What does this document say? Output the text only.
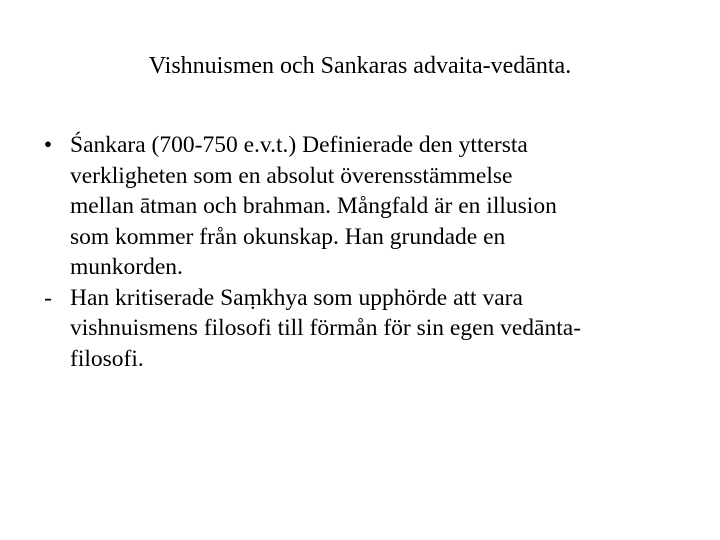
Vishnuismen och Sankaras advaita-vedānta.
• Śankara (700-750 e.v.t.) Definierade den yttersta
verkligheten som en absolut överensstämmelse
mellan ātman och brahman. Mångfald är en illusion
som kommer från okunskap. Han grundade en
munkorden.
- Han kritiserade Saṃkhya som upphörde att vara
vishnuismens filosofi till förmån för sin egen vedānta-
filosofi.
